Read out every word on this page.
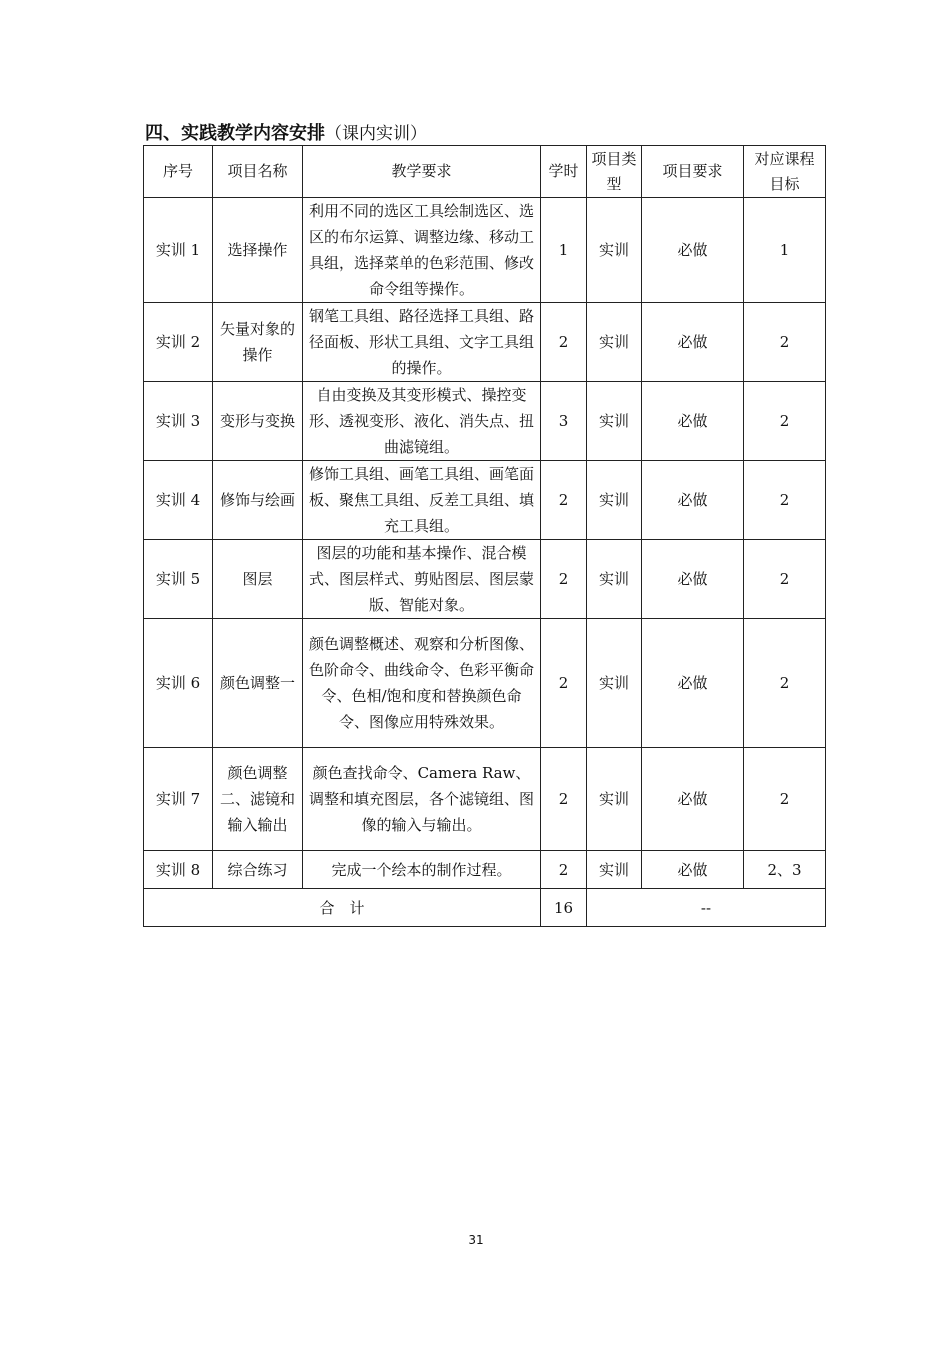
四、实践教学内容安排（课内实训）
序号	项目名称	教学要求	学时	项目类型	项目要求	对应课程目标
实训 1	选择操作	利用不同的选区工具绘制选区、选区的布尔运算、调整边缘、移动工具组，选择菜单的色彩范围、修改命令组等操作。	1	实训	必做	1
实训 2	矢量对象的操作	钢笔工具组、路径选择工具组、路径面板、形状工具组、文字工具组的操作。	2	实训	必做	2
实训 3	变形与变换	自由变换及其变形模式、操控变形、透视变形、液化、消失点、扭曲滤镜组。	3	实训	必做	2
实训 4	修饰与绘画	修饰工具组、画笔工具组、画笔面板、聚焦工具组、反差工具组、填充工具组。	2	实训	必做	2
实训 5	图层	图层的功能和基本操作、混合模式、图层样式、剪贴图层、图层蒙版、智能对象。	2	实训	必做	2
实训 6	颜色调整一	颜色调整概述、观察和分析图像、色阶命令、曲线命令、色彩平衡命令、色相/饱和度和替换颜色命令、图像应用特殊效果。	2	实训	必做	2
实训 7	颜色调整二、滤镜和输入输出	颜色查找命令、Camera Raw、调整和填充图层，各个滤镜组、图像的输入与输出。	2	实训	必做	2
实训 8	综合练习	完成一个绘本的制作过程。	2	实训	必做	2、3
合　计			16	--		
31
